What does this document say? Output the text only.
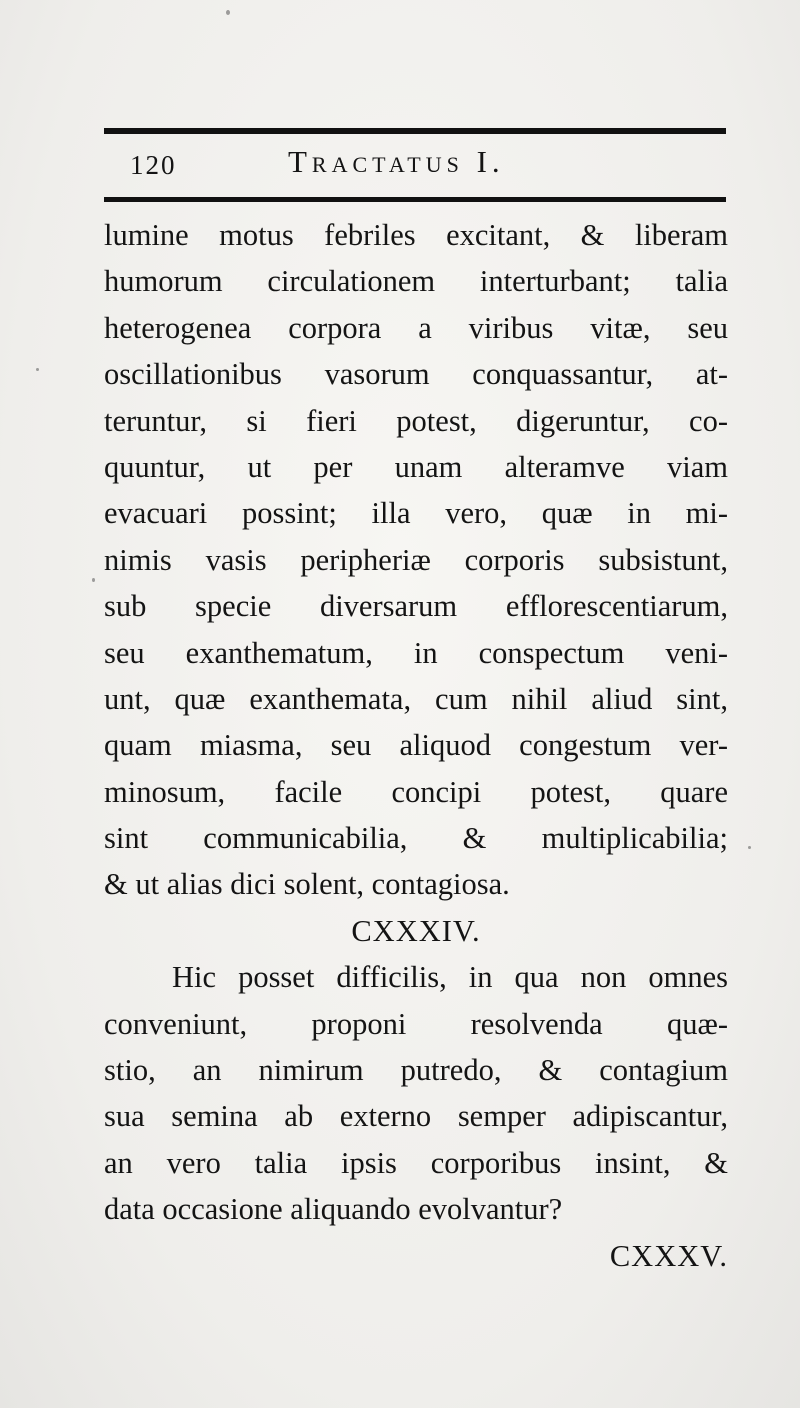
120	Tractatus I.
lumine motus febriles excitant, & liberam
humorum circulationem interturbant; talia
heterogenea corpora a viribus vitæ, seu
oscillationibus vasorum conquassantur, at-
teruntur, si fieri potest, digeruntur, co-
quuntur, ut per unam alteramve viam
evacuari possint; illa vero, quæ in mi-
nimis vasis peripheriæ corporis subsistunt,
sub specie diversarum efflorescentiarum,
seu exanthematum, in conspectum veni-
unt, quæ exanthemata, cum nihil aliud sint,
quam miasma, seu aliquod congestum ver-
minosum, facile concipi potest, quare
sint communicabilia, & multiplicabilia;
& ut alias dici solent, contagiosa.
CXXXIV.
Hic posset difficilis, in qua non omnes
conveniunt, proponi resolvenda quæ-
stio, an nimirum putredo, & contagium
sua semina ab externo semper adipiscantur,
an vero talia ipsis corporibus insint, &
data occasione aliquando evolvantur?
CXXXV.
